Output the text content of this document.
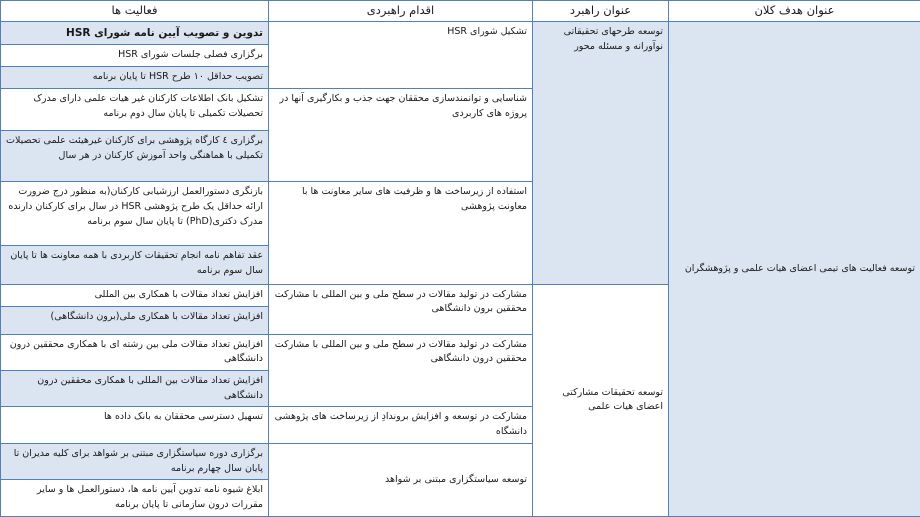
عنوان هدف کلان	عنوان راهبرد	اقدام راهبردی	فعالیت ها
توسعه فعالیت های تیمی اعضای هیات علمی و پژوهشگران	توسعه طرحهای تحقیقاتی نوآورانه و مسئله محور	تشکیل شورای HSR	تدوین و تصویب آیین نامه شورای HSR
			برگزاری فصلی جلسات شورای HSR
			تصویب حداقل ۱۰ طرح HSR تا پایان برنامه
		شناسایی و توانمندسازی محققان جهت جذب و بکارگیری آنها در پروژه های کاربردی	تشکیل بانک اطلاعات کارکنان غیر هیات علمی دارای مدرک تحصیلات تکمیلی تا پایان سال دوم برنامه
			برگزاری ٤ کارگاه پژوهشی برای کارکنان غیرهیئت علمی تحصیلات تکمیلی با هماهنگی واحد آموزش کارکنان در هر سال
		استفاده از زیرساخت ها و ظرفیت های سایر معاونت ها با معاونت پژوهشی	بازنگری دستورالعمل ارزشیابی کارکنان(به منظور درج ضرورت ارائه حداقل یک طرح پژوهشی HSR در سال برای کارکنان دارنده مدرک دکتری(PhD) تا پایان سال سوم برنامه
			عقد تفاهم نامه انجام تحقیقات کاربردی با همه معاونت ها تا پایان سال سوم برنامه
	توسعه تحقیقات مشارکتی اعضای هیات علمی	مشارکت در تولید مقالات در سطح ملی و بین المللی با مشارکت محققین برون دانشگاهی	افزایش تعداد مقالات با همکاری بین المللی
			افزایش تعداد مقالات با همکاری ملی(برون دانشگاهی)
		مشارکت در تولید مقالات در سطح ملی و بین المللی با مشارکت محققین درون دانشگاهی	افزایش تعداد مقالات ملی بین رشته ای با همکاری محققین درون دانشگاهی
			افزایش تعداد مقالات بین المللی با همکاری محققین درون دانشگاهی
		مشارکت در توسعه و افزایش بروندادِ از زیرساخت های پژوهشی دانشگاه	تسهیل دسترسی محققان به بانک داده ها
		توسعه سیاستگزاری مبتنی بر شواهد	برگزاری دوره سیاستگزاری مبتنی بر شواهد برای کلیه مدیران تا پایان سال چهارم برنامه
			ابلاغ شیوه نامه تدوین آیین نامه ها، دستورالعمل ها و سایر مقررات درون سازمانی تا پایان برنامه
